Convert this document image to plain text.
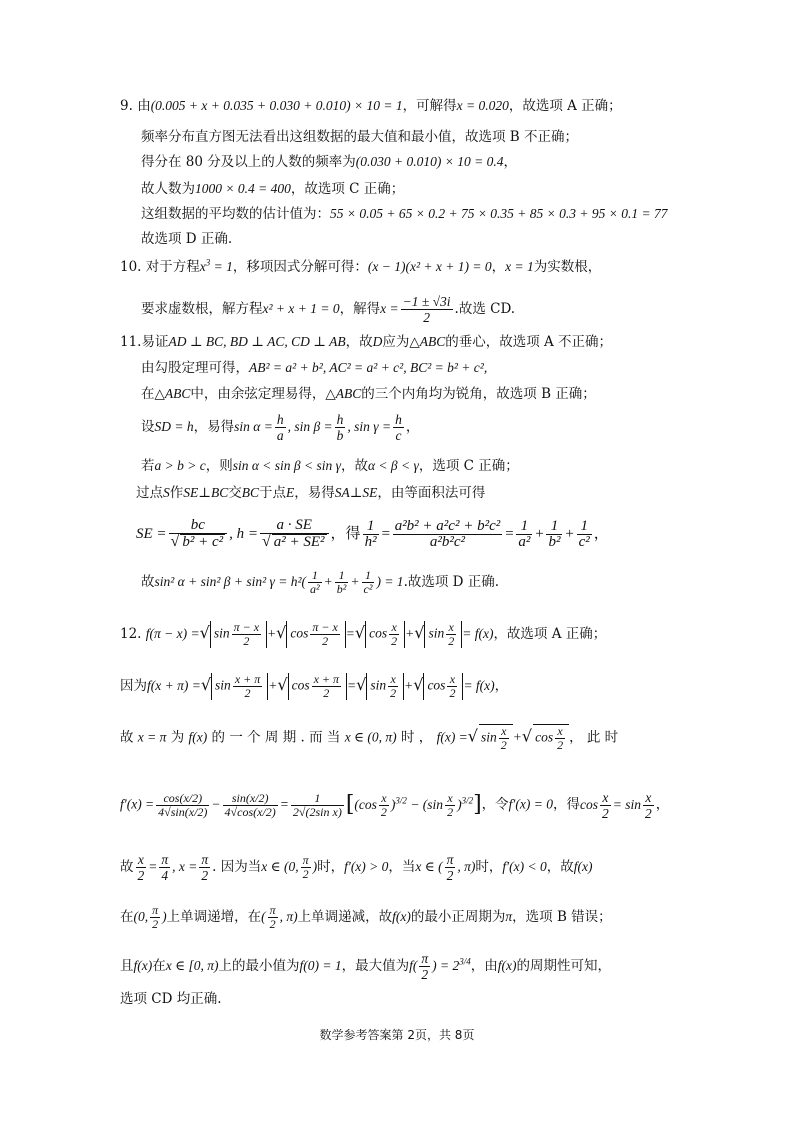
9. 由(0.005 + x + 0.035 + 0.030 + 0.010) × 10 = 1，可解得x = 0.020，故选项 A 正确；
频率分布直方图无法看出这组数据的最大值和最小值，故选项 B 不正确；
得分在 80 分及以上的人数的频率为(0.030 + 0.010) × 10 = 0.4，
故人数为1000 × 0.4 = 400，故选项 C 正确；
这组数据的平均数的估计值为：55 × 0.05 + 65 × 0.2 + 75 × 0.35 + 85 × 0.3 + 95 × 0.1 = 77
故选项 D 正确.
10. 对于方程$x^3 = 1$，移项因式分解可得：(x − 1)(x² + x + 1) = 0，x = 1为实数根，
要求虚数根，解方程x² + x + 1 = 0，解得$x = \frac{-1 \pm √3i}{2}$ .故选 CD.
11.易证AD ⊥ BC, BD ⊥ AC, CD ⊥ AB，故D应为△ABC的垂心，故选项 A 不正确；
由勾股定理可得，AB² = a² + b², AC² = a² + c², BC² = b² + c²,
在△ABC中，由余弦定理易得，△ABC的三个内角均为锐角，故选项 B 正确；
设SD = h，易得$\sin \alpha = \frac{h}{a}$ , $\sin \beta = \frac{h}{b}$ , $\sin \gamma = \frac{h}{c}$ ，
若a > b > c，则sin α < sin β < sin γ，故α < β < γ，选项 C 正确；
过点S作SE⊥BC交BC于点E，易得SA⊥SE，由等面积法可得
SE = $\frac{bc}{\text{√ b² + c²}}$ , $h = \frac{a \cdot SE}{\text{√ a² + SE²}}$ ，得 $\frac{1}{\text{h²}} = \frac{\text{a²b² + a²c² + b²c²}}{\text{a²b²c²}} = \frac{1}{\text{a²}} + \frac{1}{\text{b²}} + \frac{1}{\text{c²}}$ ，
故sin² α + sin² β + sin² $\gamma = h^2( \frac{1}{\text{a²}} + \frac{1}{\text{b²}} + \frac{1}{\text{c²}}$ ) = 1.故选项 D 正确.
12. f(π − x) =√ $\sin \frac{\pi - x}{2}$ +√ $\cos \frac{\pi - x}{2}$ =√ $\cos \frac{x}{2}$ +√ $\sin \frac{x}{2} = f(x)$，故选项 A 正确；
因为f(x + π) =√ $\sin \frac{x + \pi}{2}$ +√ $\cos \frac{x + \pi}{2}$ =√ $\sin \frac{x}{2}$ +√ $\cos \frac{x}{2} = f(x)$，
故 x = π 为 f(x) 的 一 个 周 期 . 而 当 x ∈ (0, π) 时 ， f(x) =√ $\sin \frac{x}{2}$ +√ $\cos \frac{x}{2}$ ， 此 时
$f'(x) = \frac{\cos(x/2)}{4√\sin(x/2)} - \frac{\sin(x/2)}{4√\cos(x/2)} = \frac{1}{\text{2√(2sin x)}} [(\cos \frac{x}{2} )^{3/2} - (\sin \frac{x}{2} )^{3/2}]$，令f′(x) = 0，得$\cos \frac{x}{2} = \sin \frac{x}{2}$ ，
故 $\frac{x}{2} = \frac{\pi}{4}$ , $x = \frac{\pi}{2}$ . 因为当x ∈ (0, $\frac{\pi}{2}$ )时，f′(x) > 0，当x ∈ ( $\frac{\pi}{2}$ , π)时，f′(x) < 0，故f(x)
在(0, $\frac{\pi}{2}$ )上单调递增，在( $\frac{\pi}{2}$ , π)上单调递减，故f(x)的最小正周期为π，选项 B 错误；
且f(x)在x ∈ [0, π)上的最小值为f(0) = 1，最大值为$f( \frac{\pi}{2}$ ) = $2^{3/4}$，由f(x)的周期性可知，
选项 CD 均正确.
数学参考答案第 2页，共 8页
